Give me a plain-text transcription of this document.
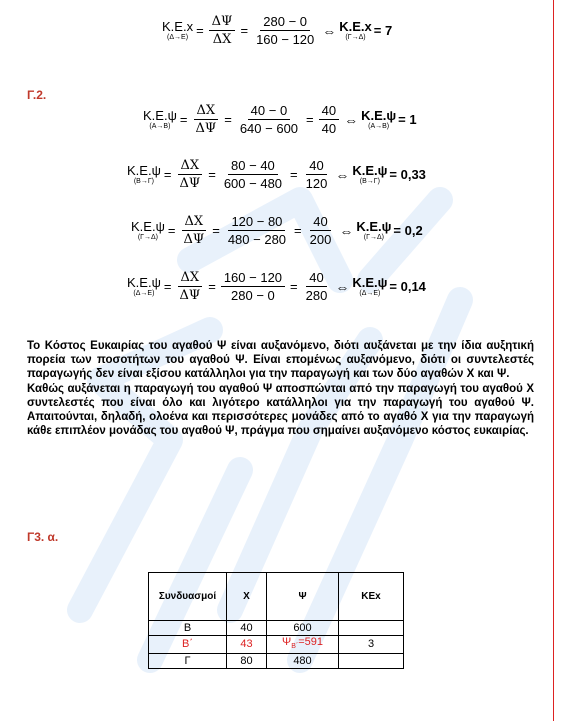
Κ.Ε.x
$(\Delta\to E) = \frac{\Delta\Psi}{\Delta X} = \frac{280 - 0}{160 - 120}$ ⇔ Κ.Ε.x
(Γ→Δ) = 7
Γ.2.
Κ.Ε.ψ
$(A\to B) = \frac{\Delta X}{\Delta\Psi} = \frac{40 - 0}{640 - 600} = \frac{40}{40}$ ⇔ Κ.Ε.ψ
(Α→Β) = 1
Κ.Ε.ψ
$(B\to\Gamma) = \frac{\Delta X}{\Delta\Psi} = \frac{80 - 40}{600 - 480} = \frac{40}{120}$ ⇔ Κ.Ε.ψ
(Β→Γ) = 0,33
Κ.Ε.ψ
$(\Gamma\to\Delta) = \frac{\Delta X}{\Delta\Psi} = \frac{120 - 80}{480 - 280} = \frac{40}{200}$ ⇔ Κ.Ε.ψ
(Γ→Δ) = 0,2
Κ.Ε.ψ
$(\Delta\to E) = \frac{\Delta X}{\Delta\Psi} = \frac{160 - 120}{280 - 0} = \frac{40}{280}$ ⇔ Κ.Ε.ψ
(Δ→Ε) = 0,14

Το Κόστος Ευκαιρίας του αγαθού Ψ είναι αυξανόμενο, διότι αυξάνεται με την ίδια αυξητική πορεία των ποσοτήτων του αγαθού Ψ. Είναι επομένως αυξανόμενο, διότι οι συντελεστές παραγωγής δεν είναι εξίσου κατάλληλοι για την παραγωγή και των δύο αγαθών Χ και Ψ.

Καθώς αυξάνεται η παραγωγή του αγαθού Ψ αποσπώνται από την παραγωγή του αγαθού Χ συντελεστές που είναι όλο και λιγότερο κατάλληλοι για την παραγωγή του αγαθού Ψ. Απαιτούνται, δηλαδή, ολοένα και περισσότερες μονάδες από το αγαθό Χ για την παραγωγή κάθε επιπλέον μονάδας του αγαθού Ψ, πράγμα που σημαίνει αυξανόμενο κόστος ευκαιρίας.

Γ3. α.
Συνδυασμοί	X	Ψ	ΚΕx
Β	40	600	
Β΄	43	$\Psi_{B΄}=591$	3
Γ	80	480	
